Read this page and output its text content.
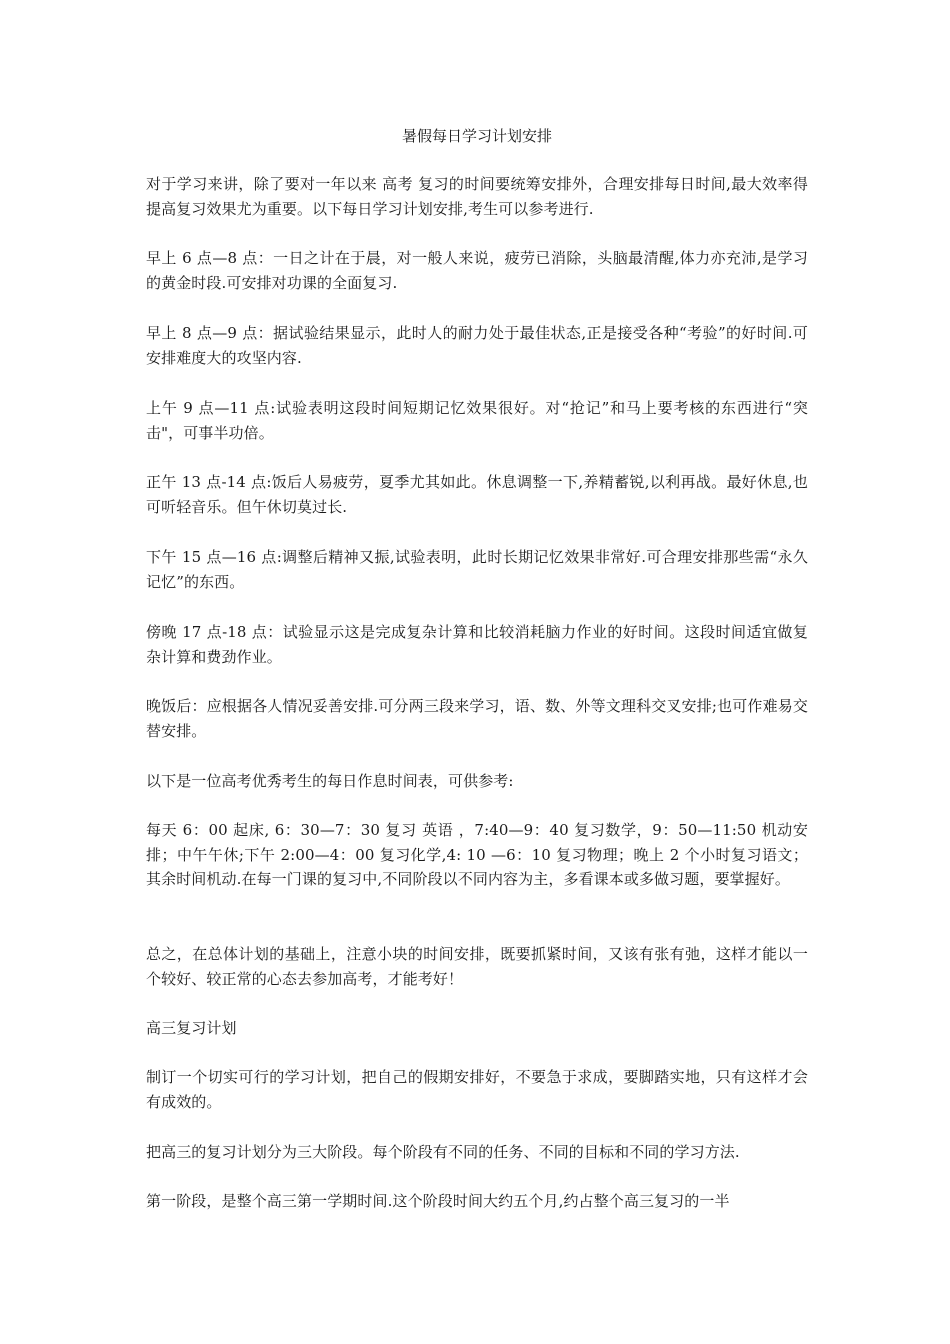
暑假每日学习计划安排

对于学习来讲，除了要对一年以来 高考 复习的时间要统筹安排外，合理安排每日时间,最大效率得提高复习效果尤为重要。以下每日学习计划安排,考生可以参考进行.

早上 6 点—8 点：一日之计在于晨，对一般人来说，疲劳已消除，头脑最清醒,体力亦充沛,是学习的黄金时段.可安排对功课的全面复习.

早上 8 点—9 点：据试验结果显示，此时人的耐力处于最佳状态,正是接受各种“考验”的好时间.可安排难度大的攻坚内容.

上午 9 点—11 点:试验表明这段时间短期记忆效果很好。对“抢记”和马上要考核的东西进行“突击"，可事半功倍。

正午 13 点-14 点:饭后人易疲劳，夏季尤其如此。休息调整一下,养精蓄锐,以利再战。最好休息,也可听轻音乐。但午休切莫过长.

下午 15 点—16 点:调整后精神又振,试验表明，此时长期记忆效果非常好.可合理安排那些需“永久记忆”的东西。

傍晚 17 点-18 点：试验显示这是完成复杂计算和比较消耗脑力作业的好时间。这段时间适宜做复杂计算和费劲作业。

晚饭后：应根据各人情况妥善安排.可分两三段来学习，语、数、外等文理科交叉安排;也可作难易交替安排。

以下是一位高考优秀考生的每日作息时间表，可供参考:

每天 6：00 起床, 6：30—7：30 复习 英语 ，7:40—9：40 复习数学，9：50—11:50 机动安排；中午午休;下午 2:00—4：00 复习化学,4: 10 —6：10 复习物理；晚上 2 个小时复习语文；其余时间机动.在每一门课的复习中,不同阶段以不同内容为主，多看课本或多做习题，要掌握好。

总之，在总体计划的基础上，注意小块的时间安排，既要抓紧时间，又该有张有弛，这样才能以一个较好、较正常的心态去参加高考，才能考好！

高三复习计划

制订一个切实可行的学习计划，把自己的假期安排好，不要急于求成，要脚踏实地，只有这样才会 有成效的。

把高三的复习计划分为三大阶段。每个阶段有不同的任务、不同的目标和不同的学习方法.

第一阶段，是整个高三第一学期时间.这个阶段时间大约五个月,约占整个高三复习的一半
